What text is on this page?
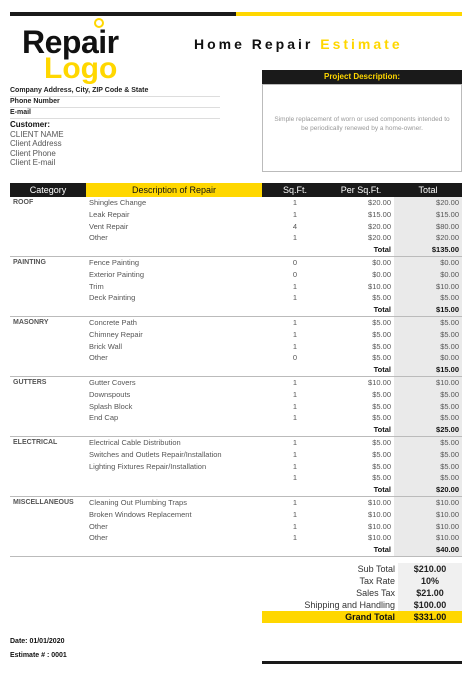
Repair
Logo
Home Repair Estimate
Company Address, City, ZIP Code & State
Phone Number
E-mail
Customer:
CLIENT NAME
Client Address
Client Phone
Client E-mail
Project Description:
Simple replacement of worn or used components intended to be periodically renewed by a home-owner.
Category	Description of Repair	Sq.Ft.	Per Sq.Ft.	Total
ROOF	Shingles Change	1	$20.00	$20.00
	Leak Repair	1	$15.00	$15.00
	Vent Repair	4	$20.00	$80.00
	Other	1	$20.00	$20.00
			Total	$135.00
PAINTING	Fence Painting	0	$0.00	$0.00
	Exterior Painting	0	$0.00	$0.00
	Trim	1	$10.00	$10.00
	Deck Painting	1	$5.00	$5.00
			Total	$15.00
MASONRY	Concrete Path	1	$5.00	$5.00
	Chimney Repair	1	$5.00	$5.00
	Brick Wall	1	$5.00	$5.00
	Other	0	$5.00	$0.00
			Total	$15.00
GUTTERS	Gutter Covers	1	$10.00	$10.00
	Downspouts	1	$5.00	$5.00
	Splash Block	1	$5.00	$5.00
	End Cap	1	$5.00	$5.00
			Total	$25.00
ELECTRICAL	Electrical Cable Distribution	1	$5.00	$5.00
	Switches and Outlets Repair/Installation	1	$5.00	$5.00
	Lighting Fixtures Repair/Installation	1	$5.00	$5.00
		1	$5.00	$5.00
			Total	$20.00
MISCELLANEOUS	Cleaning Out Plumbing Traps	1	$10.00	$10.00
	Broken Windows Replacement	1	$10.00	$10.00
	Other	1	$10.00	$10.00
	Other	1	$10.00	$10.00
			Total	$40.00
Sub Total	$210.00
Tax Rate	10%
Sales Tax	$21.00
Shipping and Handling	$100.00
Grand Total	$331.00
Date: 01/01/2020
Estimate # : 0001
